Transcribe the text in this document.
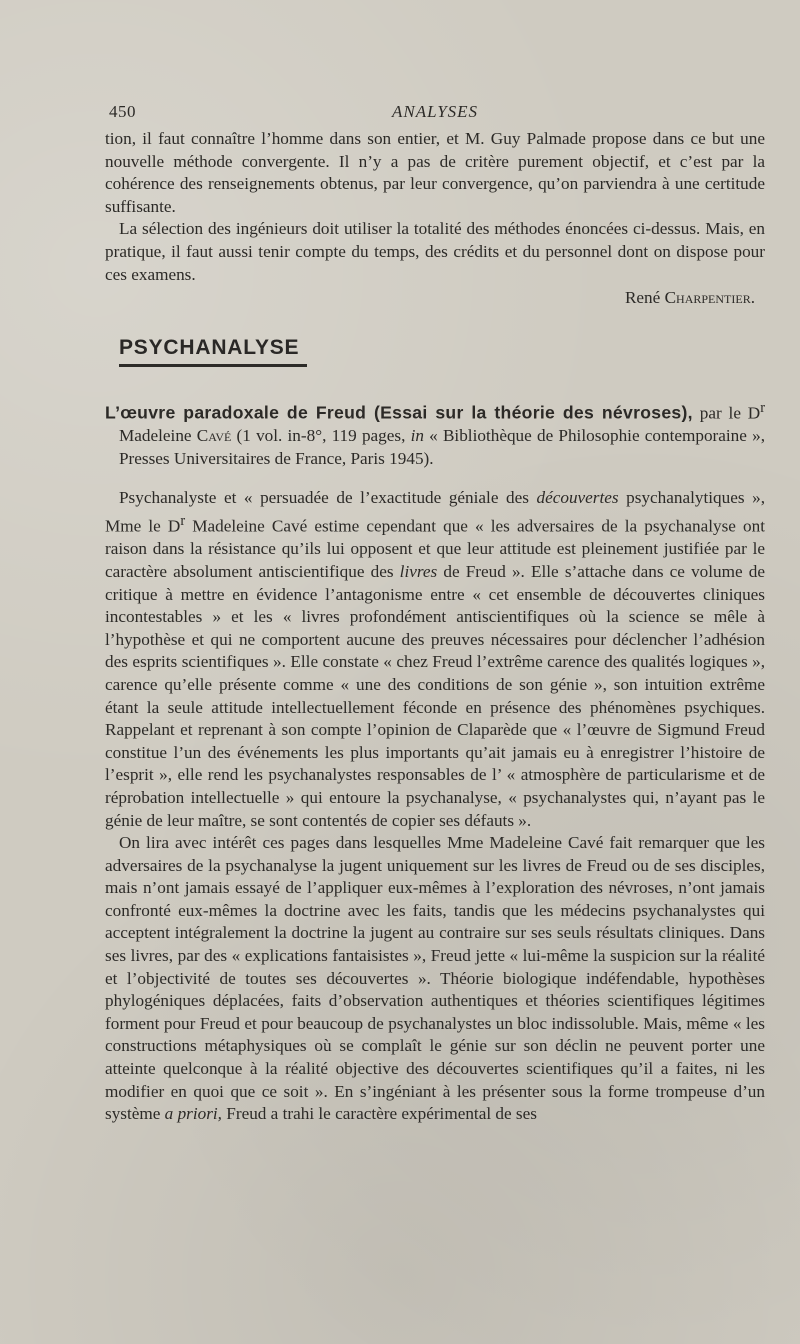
450	ANALYSES

tion, il faut connaître l’homme dans son entier, et M. Guy Palmade propose dans ce but une nouvelle méthode convergente. Il n’y a pas de critère purement objectif, et c’est par la cohérence des renseignements obtenus, par leur convergence, qu’on parviendra à une certitude suffisante.

La sélection des ingénieurs doit utiliser la totalité des méthodes énoncées ci-dessus. Mais, en pratique, il faut aussi tenir compte du temps, des crédits et du personnel dont on dispose pour ces examens.

René Charpentier.

PSYCHANALYSE

L’œuvre paradoxale de Freud (Essai sur la théorie des névroses), par le $D^r$ Madeleine Cavé (1 vol. in-8°, 119 pages, in « Bibliothèque de Philosophie contemporaine », Presses Universitaires de France, Paris 1945).

Psychanalyste et « persuadée de l’exactitude géniale des découvertes psychanalytiques », Mme le $D^r$ Madeleine Cavé estime cependant que « les adversaires de la psychanalyse ont raison dans la résistance qu’ils lui opposent et que leur attitude est pleinement justifiée par le caractère absolument antiscientifique des livres de Freud ». Elle s’attache dans ce volume de critique à mettre en évidence l’antagonisme entre « cet ensemble de découvertes cliniques incontestables » et les « livres profondément antiscientifiques où la science se mêle à l’hypothèse et qui ne comportent aucune des preuves nécessaires pour déclencher l’adhésion des esprits scientifiques ». Elle constate « chez Freud l’extrême carence des qualités logiques », carence qu’elle présente comme « une des conditions de son génie », son intuition extrême étant la seule attitude intellectuellement féconde en présence des phénomènes psychiques. Rappelant et reprenant à son compte l’opinion de Claparède que « l’œuvre de Sigmund Freud constitue l’un des événements les plus importants qu’ait jamais eu à enregistrer l’histoire de l’esprit », elle rend les psychanalystes responsables de l’ « atmosphère de particularisme et de réprobation intellectuelle » qui entoure la psychanalyse, « psychanalystes qui, n’ayant pas le génie de leur maître, se sont contentés de copier ses défauts ».

On lira avec intérêt ces pages dans lesquelles Mme Madeleine Cavé fait remarquer que les adversaires de la psychanalyse la jugent uniquement sur les livres de Freud ou de ses disciples, mais n’ont jamais essayé de l’appliquer eux-mêmes à l’exploration des névroses, n’ont jamais confronté eux-mêmes la doctrine avec les faits, tandis que les médecins psychanalystes qui acceptent intégralement la doctrine la jugent au contraire sur ses seuls résultats cliniques. Dans ses livres, par des « explications fantaisistes », Freud jette « lui-même la suspicion sur la réalité et l’objectivité de toutes ses découvertes ». Théorie biologique indéfendable, hypothèses phylogéniques déplacées, faits d’observation authentiques et théories scientifiques légitimes forment pour Freud et pour beaucoup de psychanalystes un bloc indissoluble. Mais, même « les constructions métaphysiques où se complaît le génie sur son déclin ne peuvent porter une atteinte quelconque à la réalité objective des découvertes scientifiques qu’il a faites, ni les modifier en quoi que ce soit ». En s’ingéniant à les présenter sous la forme trompeuse d’un système a priori, Freud a trahi le caractère expérimental de ses
